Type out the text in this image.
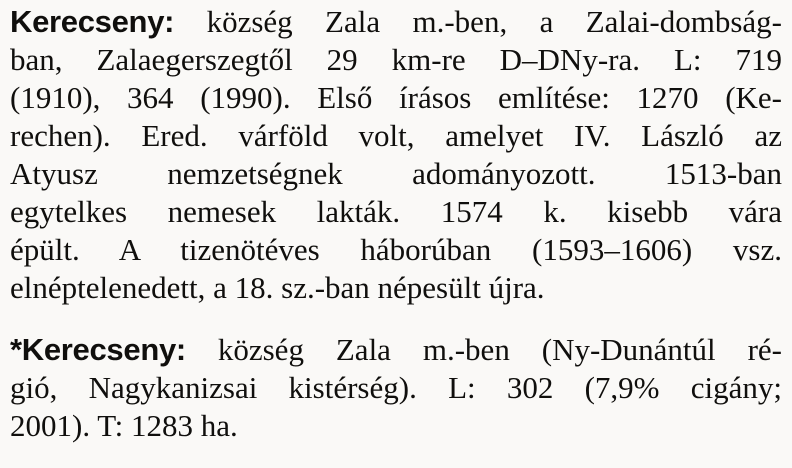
Kerecseny: község Zala m.-ben, a Zalai-dombság-
ban, Zalaegerszegtől 29 km-re D–DNy-ra. L: 719
(1910), 364 (1990). Első írásos említése: 1270 (Ke-
rechen). Ered. várföld volt, amelyet IV. László az
Atyusz nemzetségnek adományozott. 1513-ban
egytelkes nemesek lakták. 1574 k. kisebb vára
épült. A tizenötéves háborúban (1593–1606) vsz.
elnéptelenedett, a 18. sz.-ban népesült újra.
*Kerecseny: község Zala m.-ben (Ny-Dunántúl ré-
gió, Nagykanizsai kistérség). L: 302 (7,9% cigány;
2001). T: 1283 ha.
